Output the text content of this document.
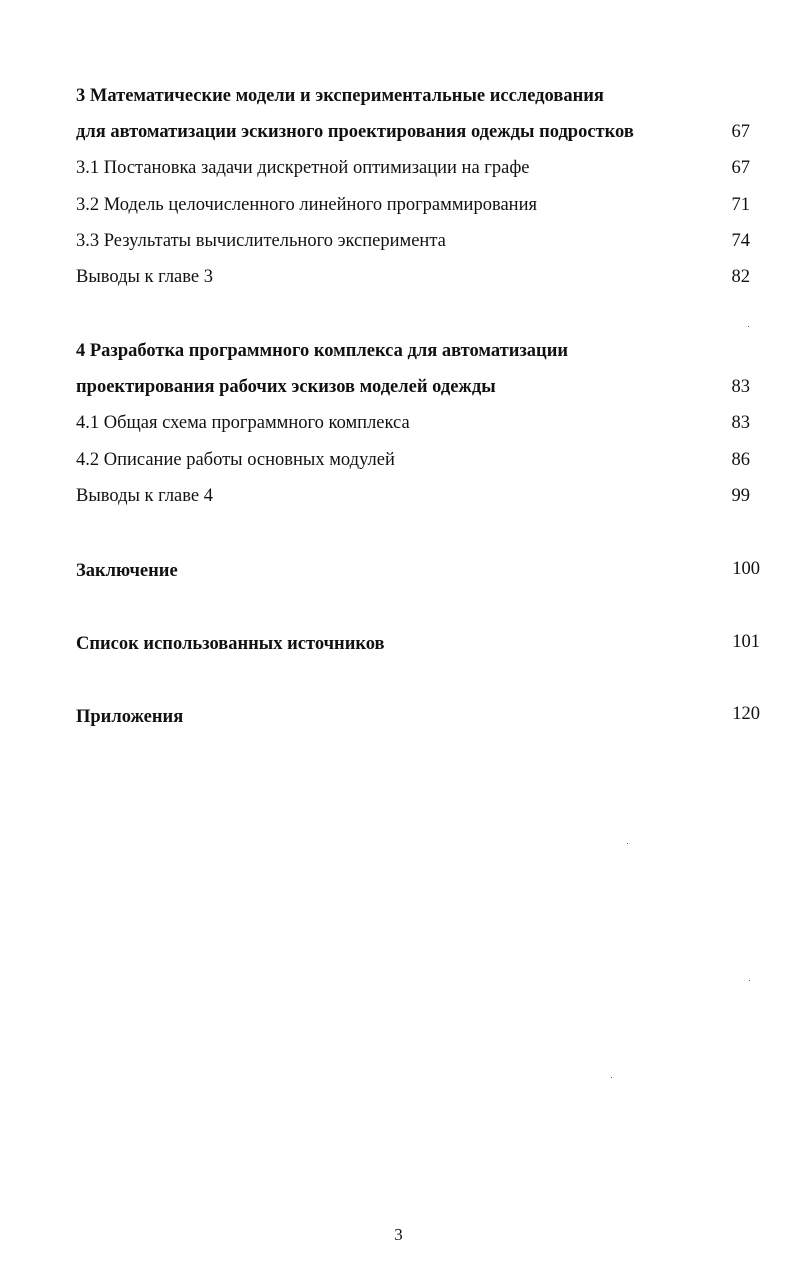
3 Математические модели и экспериментальные исследования
для автоматизации эскизного проектирования одежды подростков	67
3.1 Постановка задачи дискретной оптимизации на графе	67
3.2 Модель целочисленного линейного программирования	71
3.3 Результаты вычислительного эксперимента	74
Выводы к главе 3	82
4 Разработка программного комплекса для автоматизации
проектирования рабочих эскизов моделей одежды	83
4.1 Общая схема программного комплекса	83
4.2 Описание работы основных модулей	86
Выводы к главе 4	99
Заключение	100
Список использованных источников	101
Приложения	120
3
